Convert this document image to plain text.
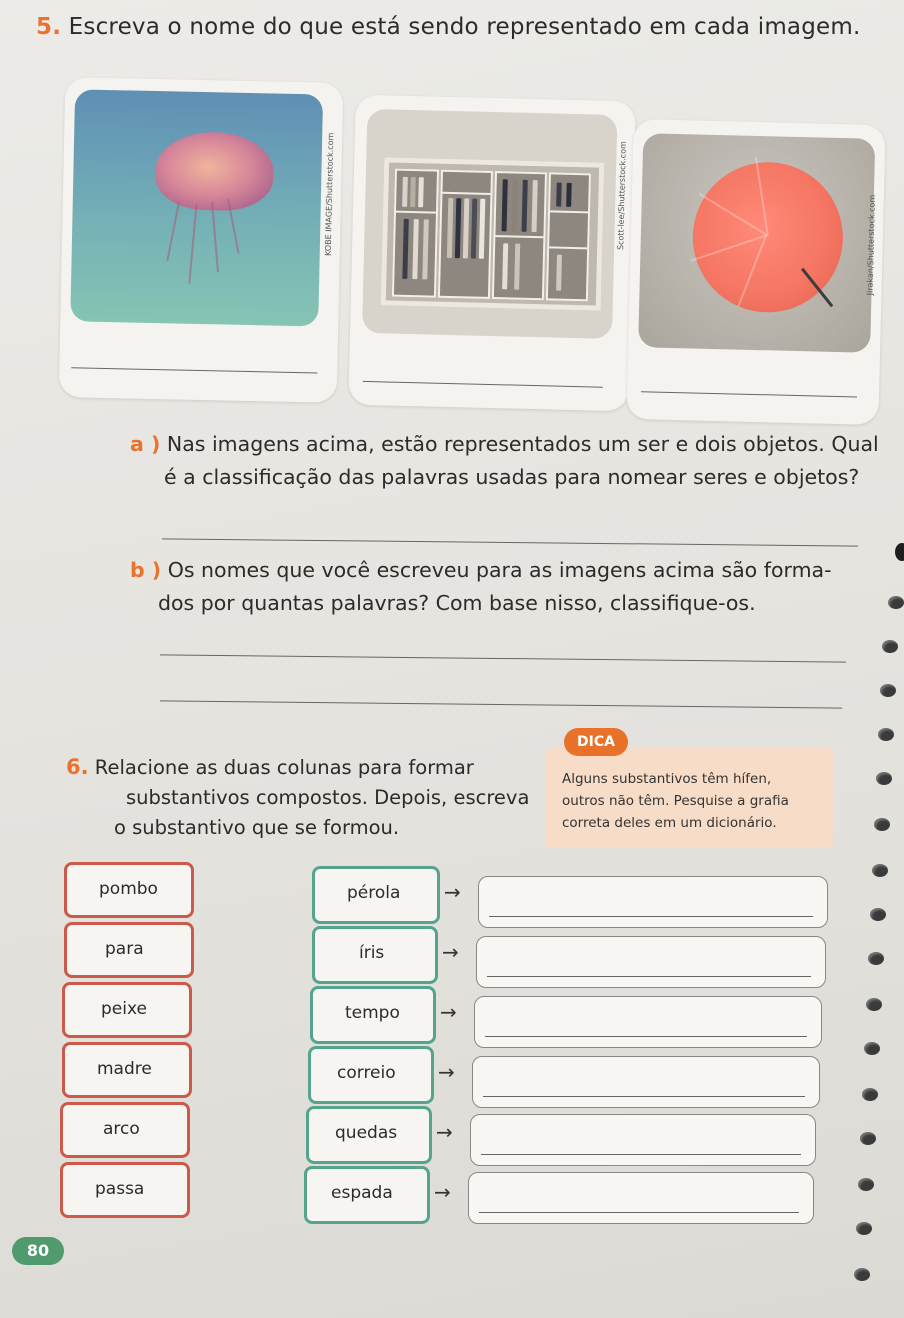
5. Escreva o nome do que está sendo representado em cada imagem.
KOBE IMAGE/Shutterstock.com	Scott-lee/Shutterstock.com	Jirakan/Shutterstock.com
a ) Nas imagens acima, estão representados um ser e dois objetos. Qual
é a classificação das palavras usadas para nomear seres e objetos?
b ) Os nomes que você escreveu para as imagens acima são forma-
dos por quantas palavras? Com base nisso, classifique-os.
DICA
Alguns substantivos têm hífen,
outros não têm. Pesquise a grafia
correta deles em um dicionário.
6. Relacione as duas colunas para formar
substantivos compostos. Depois, escreva
o substantivo que se formou.
pombo
para
peixe
madre
arco
passa
pérola
íris
tempo
correio
quedas
espada
→
→
→
→
→
→
80
